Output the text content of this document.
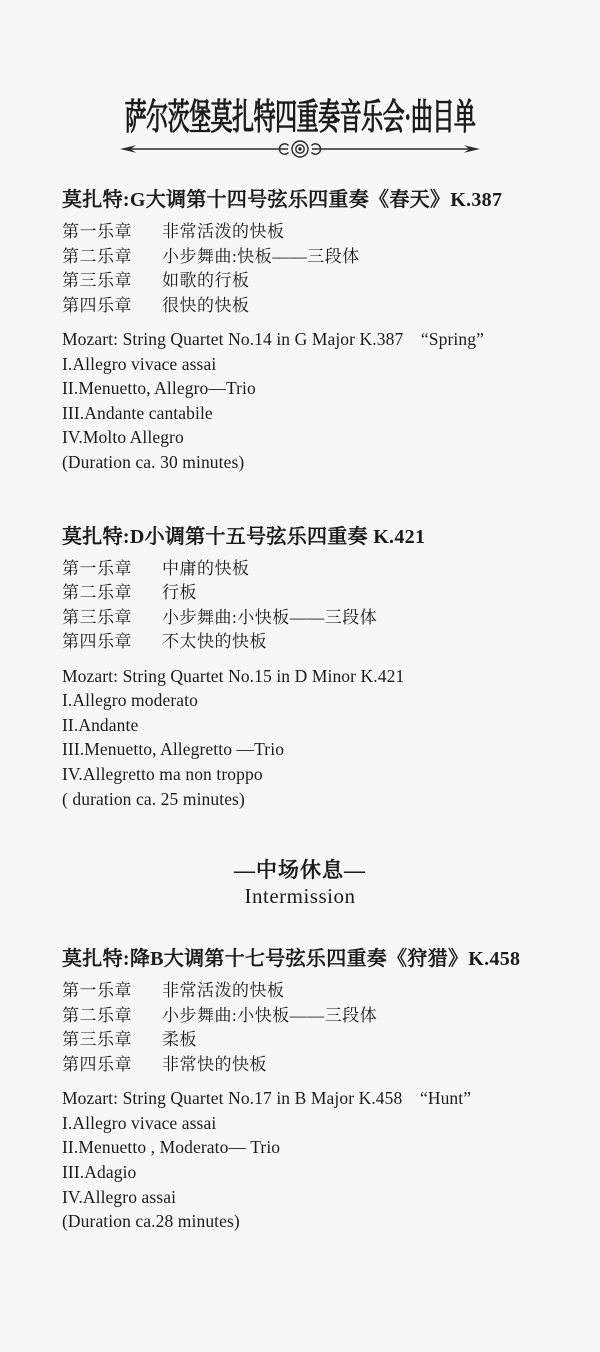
萨尔茨堡莫扎特四重奏音乐会·曲目单
莫扎特:G大调第十四号弦乐四重奏《春天》K.387
第一乐章	非常活泼的快板
第二乐章	小步舞曲:快板——三段体
第三乐章	如歌的行板
第四乐章	很快的快板

Mozart: String Quartet No.14 in G Major K.387　“Spring”

I.Allegro vivace assai

II.Menuetto, Allegro—Trio

III.Andante cantabile

IV.Molto Allegro

(Duration ca. 30 minutes)

莫扎特:D小调第十五号弦乐四重奏 K.421
第一乐章	中庸的快板
第二乐章	行板
第三乐章	小步舞曲:小快板——三段体
第四乐章	不太快的快板

Mozart: String Quartet No.15 in D Minor K.421

I.Allegro moderato

II.Andante

III.Menuetto, Allegretto —Trio

IV.Allegretto ma non troppo

( duration ca. 25 minutes)

—中场休息—
Intermission
莫扎特:降B大调第十七号弦乐四重奏《狩猎》K.458
第一乐章	非常活泼的快板
第二乐章	小步舞曲:小快板——三段体
第三乐章	柔板
第四乐章	非常快的快板

Mozart: String Quartet No.17 in B Major K.458　“Hunt”

I.Allegro vivace assai

II.Menuetto , Moderato— Trio

III.Adagio

IV.Allegro assai

(Duration ca.28 minutes)
